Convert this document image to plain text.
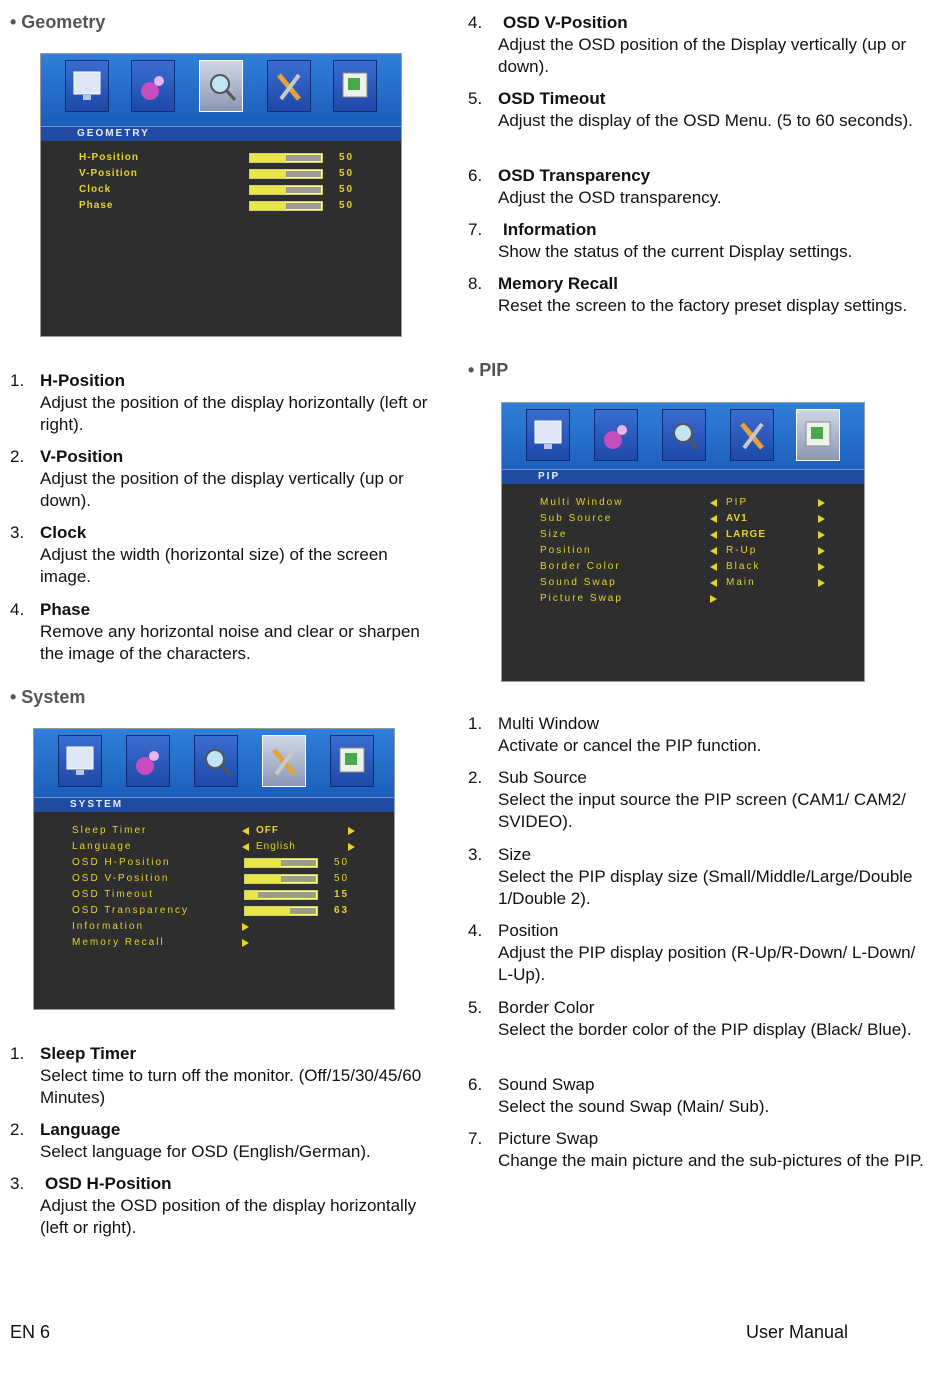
• Geometry
GEOMETRY
H-Position	50
V-Position	50
Clock	50
Phase	50
1. H-Position
Adjust the position of the display horizontally (left or right).
2. V-Position
Adjust the position of the display vertically (up or down).
3. Clock
Adjust the width (horizontal size) of the screen image.
4. Phase
Remove any horizontal noise and clear or sharpen the image of the characters.
• System
SYSTEM
Sleep Timer	OFF
Language	English
OSD H-Position	50
OSD V-Position	50
OSD Timeout	15
OSD Transparency	63
Information
Memory Recall
1. Sleep Timer
Select time to turn off the monitor. (Off/15/30/45/60 Minutes)
2. Language
Select language for OSD (English/German).
3. OSD H-Position
Adjust the OSD position of the display horizontally (left or right).
EN 6
4. OSD V-Position
Adjust the OSD position of the Display vertically (up or down).
5. OSD Timeout
Adjust the display of the OSD Menu. (5 to 60 seconds).
6. OSD Transparency
Adjust the OSD transparency.
7. Information
Show the status of the current Display settings.
8. Memory Recall
Reset the screen to the factory preset display settings.
• PIP
PIP
Multi Window	PIP
Sub Source	AV1
Size	LARGE
Position	R-Up
Border Color	Black
Sound Swap	Main
Picture Swap
1. Multi Window
Activate or cancel the PIP function.
2. Sub Source
Select the input source the PIP screen (CAM1/ CAM2/ SVIDEO).
3. Size
Select the PIP display size (Small/Middle/Large/Double 1/Double 2).
4. Position
Adjust the PIP display position (R-Up/R-Down/ L-Down/ L-Up).
5. Border Color
Select the border color of the PIP display (Black/ Blue).
6. Sound Swap
Select the sound Swap (Main/ Sub).
7. Picture Swap
Change the main picture and the sub-pictures of the PIP.
User Manual
